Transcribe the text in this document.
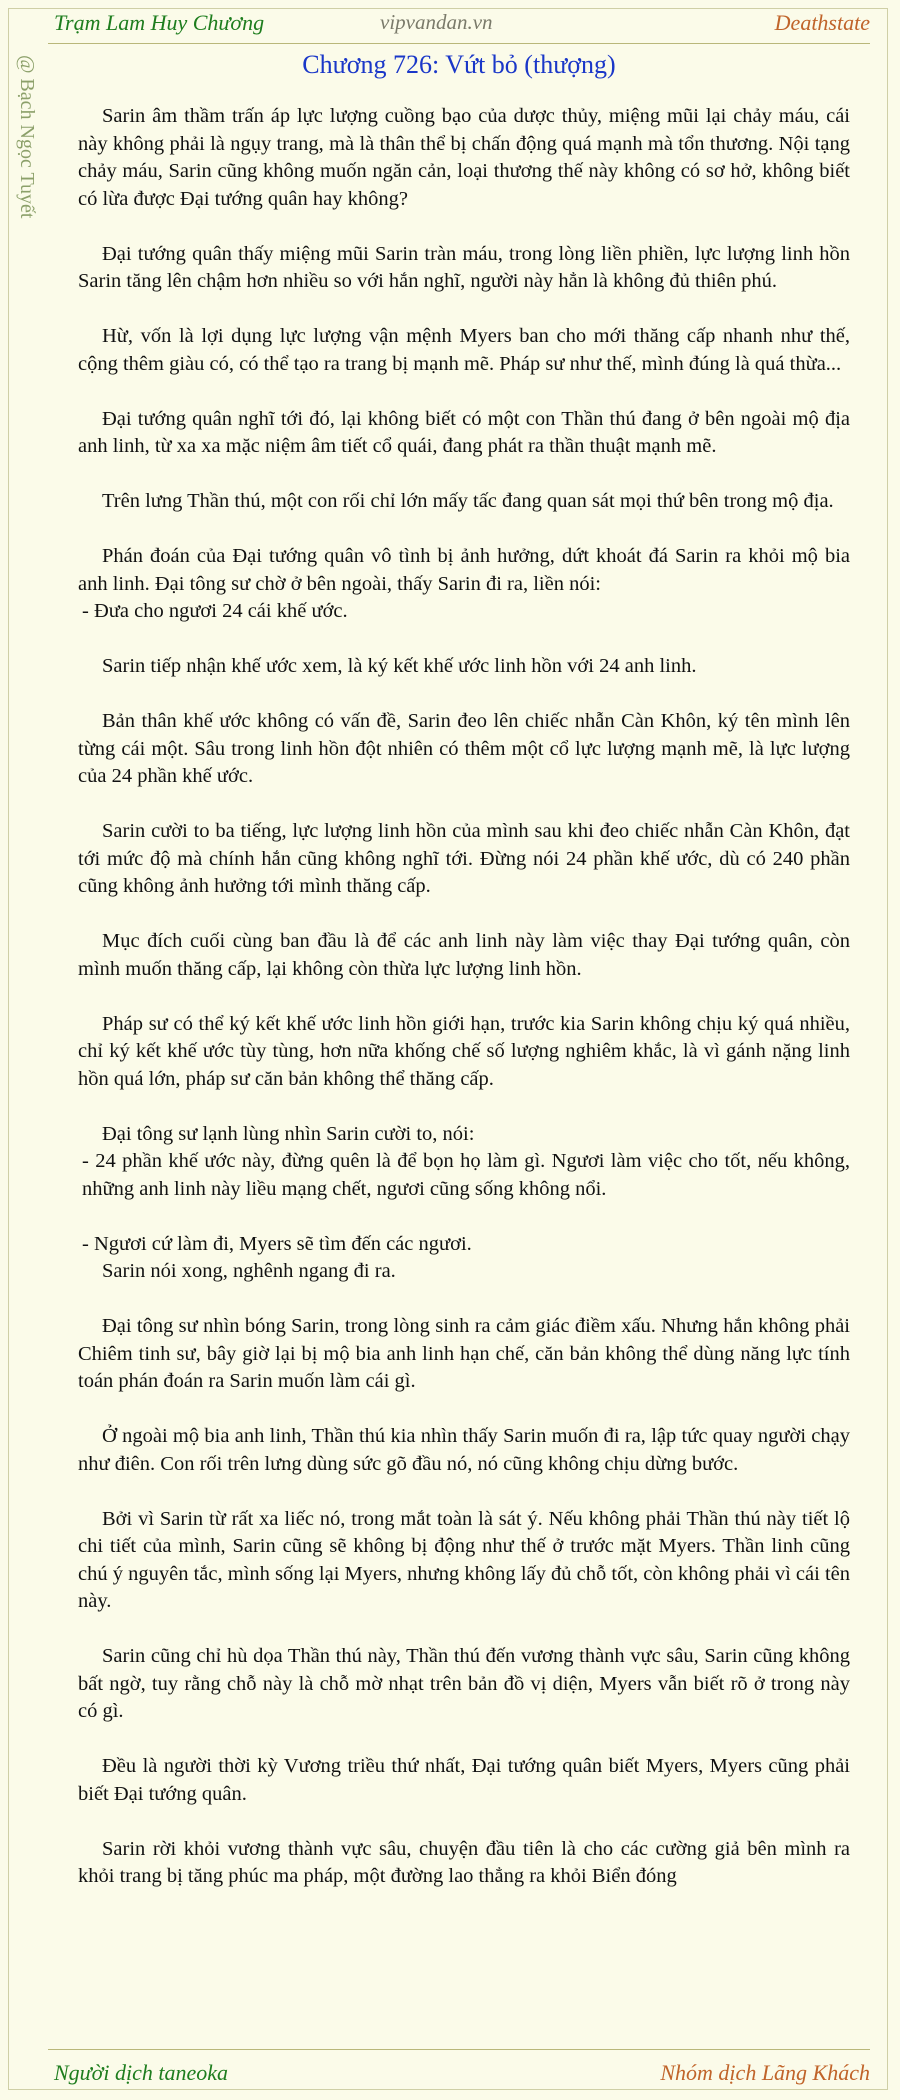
Trạm Lam Huy Chương	vipvandan.vn	Deathstate
@ Bạch Ngọc Tuyết	Chương 726: Vứt bỏ (thượng)

Sarin âm thầm trấn áp lực lượng cuồng bạo của dược thủy, miệng mũi lại chảy máu, cái này không phải là ngụy trang, mà là thân thể bị chấn động quá mạnh mà tổn thương. Nội tạng chảy máu, Sarin cũng không muốn ngăn cản, loại thương thế này không có sơ hở, không biết có lừa được Đại tướng quân hay không?

Đại tướng quân thấy miệng mũi Sarin tràn máu, trong lòng liền phiền, lực lượng linh hồn Sarin tăng lên chậm hơn nhiều so với hắn nghĩ, người này hẳn là không đủ thiên phú.

Hừ, vốn là lợi dụng lực lượng vận mệnh Myers ban cho mới thăng cấp nhanh như thế, cộng thêm giàu có, có thể tạo ra trang bị mạnh mẽ. Pháp sư như thế, mình đúng là quá thừa...

Đại tướng quân nghĩ tới đó, lại không biết có một con Thần thú đang ở bên ngoài mộ địa anh linh, từ xa xa mặc niệm âm tiết cổ quái, đang phát ra thần thuật mạnh mẽ.

Trên lưng Thần thú, một con rối chỉ lớn mấy tấc đang quan sát mọi thứ bên trong mộ địa.

Phán đoán của Đại tướng quân vô tình bị ảnh hưởng, dứt khoát đá Sarin ra khỏi mộ bia anh linh. Đại tông sư chờ ở bên ngoài, thấy Sarin đi ra, liền nói:

- Đưa cho ngươi 24 cái khế ước.

Sarin tiếp nhận khế ước xem, là ký kết khế ước linh hồn với 24 anh linh.

Bản thân khế ước không có vấn đề, Sarin đeo lên chiếc nhẫn Càn Khôn, ký tên mình lên từng cái một. Sâu trong linh hồn đột nhiên có thêm một cổ lực lượng mạnh mẽ, là lực lượng của 24 phần khế ước.

Sarin cười to ba tiếng, lực lượng linh hồn của mình sau khi đeo chiếc nhẫn Càn Khôn, đạt tới mức độ mà chính hắn cũng không nghĩ tới. Đừng nói 24 phần khế ước, dù có 240 phần cũng không ảnh hưởng tới mình thăng cấp.

Mục đích cuối cùng ban đầu là để các anh linh này làm việc thay Đại tướng quân, còn mình muốn thăng cấp, lại không còn thừa lực lượng linh hồn.

Pháp sư có thể ký kết khế ước linh hồn giới hạn, trước kia Sarin không chịu ký quá nhiều, chỉ ký kết khế ước tùy tùng, hơn nữa khống chế số lượng nghiêm khắc, là vì gánh nặng linh hồn quá lớn, pháp sư căn bản không thể thăng cấp.

Đại tông sư lạnh lùng nhìn Sarin cười to, nói:

- 24 phần khế ước này, đừng quên là để bọn họ làm gì. Ngươi làm việc cho tốt, nếu không, những anh linh này liều mạng chết, ngươi cũng sống không nổi.

- Ngươi cứ làm đi, Myers sẽ tìm đến các ngươi.

Sarin nói xong, nghênh ngang đi ra.

Đại tông sư nhìn bóng Sarin, trong lòng sinh ra cảm giác điềm xấu. Nhưng hắn không phải Chiêm tinh sư, bây giờ lại bị mộ bia anh linh hạn chế, căn bản không thể dùng năng lực tính toán phán đoán ra Sarin muốn làm cái gì.

Ở ngoài mộ bia anh linh, Thần thú kia nhìn thấy Sarin muốn đi ra, lập tức quay người chạy như điên. Con rối trên lưng dùng sức gõ đầu nó, nó cũng không chịu dừng bước.

Bởi vì Sarin từ rất xa liếc nó, trong mắt toàn là sát ý. Nếu không phải Thần thú này tiết lộ chi tiết của mình, Sarin cũng sẽ không bị động như thế ở trước mặt Myers. Thần linh cũng chú ý nguyên tắc, mình sống lại Myers, nhưng không lấy đủ chỗ tốt, còn không phải vì cái tên này.

Sarin cũng chỉ hù dọa Thần thú này, Thần thú đến vương thành vực sâu, Sarin cũng không bất ngờ, tuy rằng chỗ này là chỗ mờ nhạt trên bản đồ vị diện, Myers vẫn biết rõ ở trong này có gì.

Đều là người thời kỳ Vương triều thứ nhất, Đại tướng quân biết Myers, Myers cũng phải biết Đại tướng quân.

Sarin rời khỏi vương thành vực sâu, chuyện đầu tiên là cho các cường giả bên mình ra khỏi trang bị tăng phúc ma pháp, một đường lao thẳng ra khỏi Biển đóng

Người dịch taneoka	Nhóm dịch Lãng Khách
